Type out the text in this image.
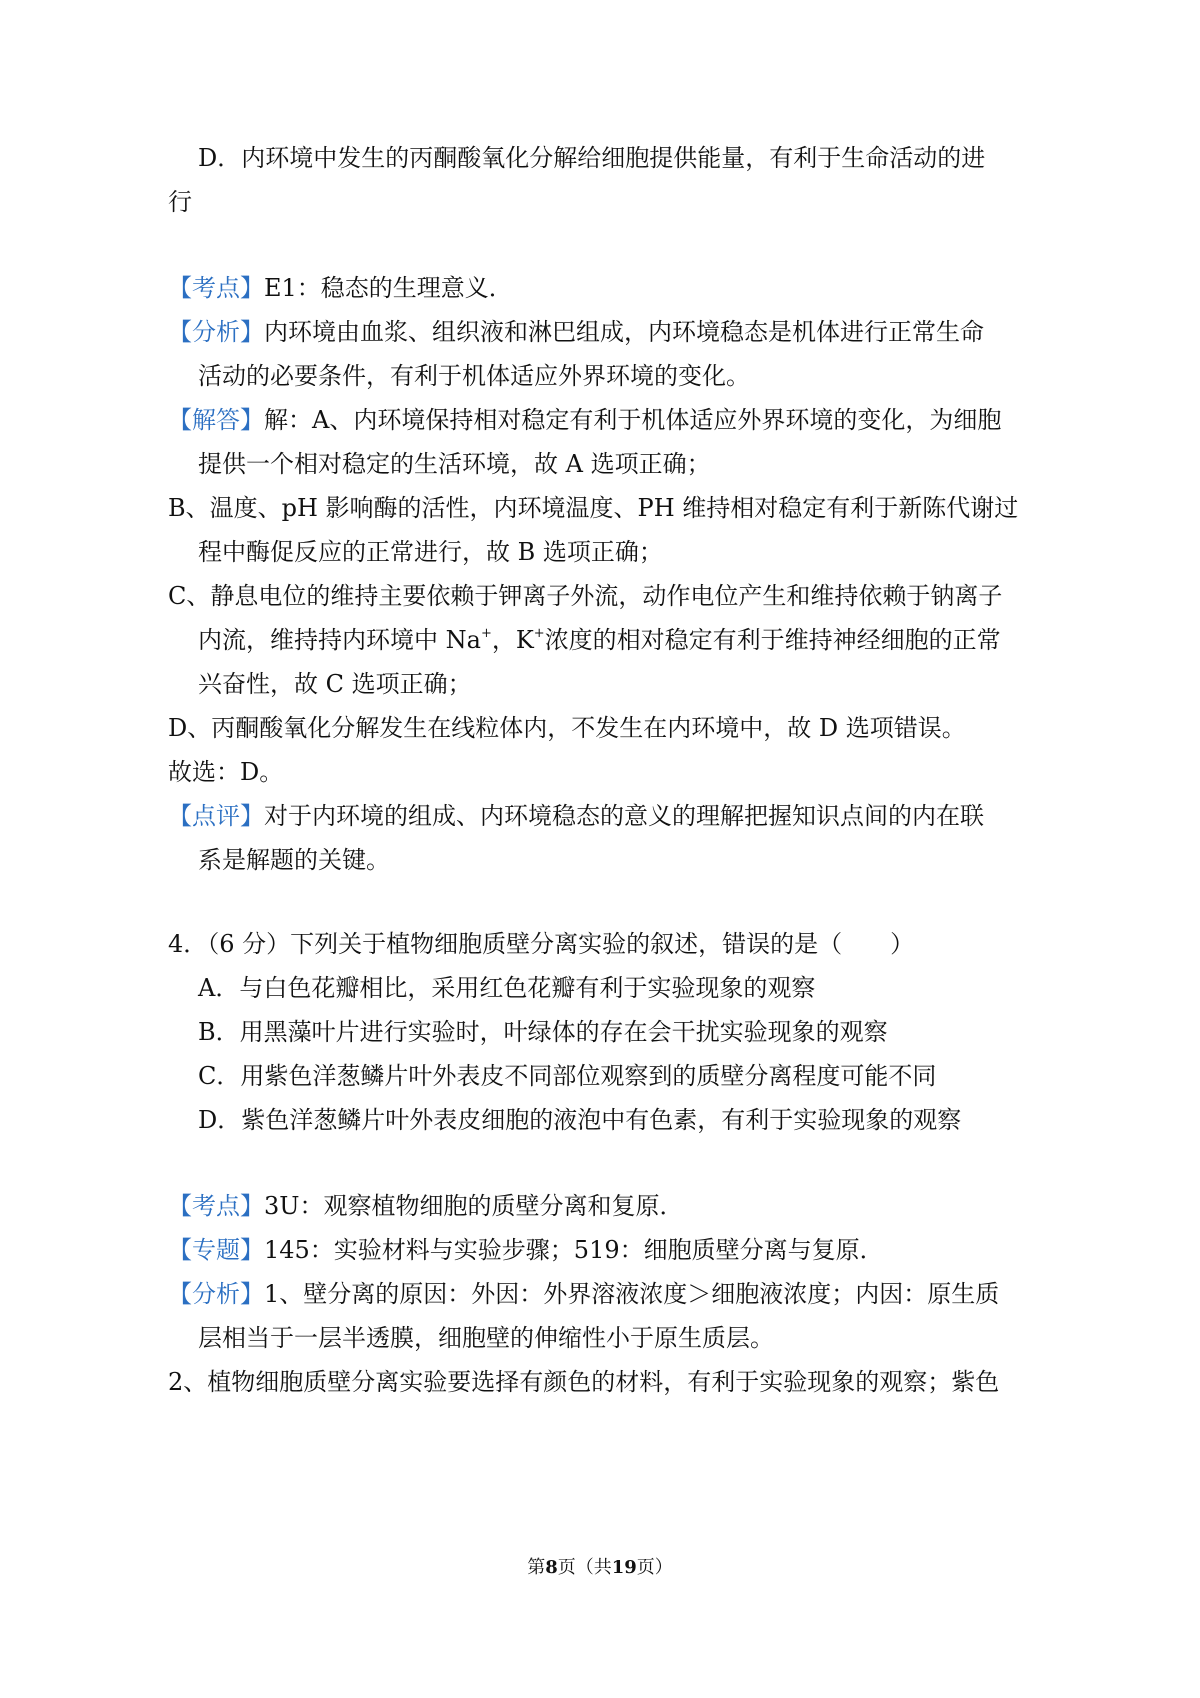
D．内环境中发生的丙酮酸氧化分解给细胞提供能量，有利于生命活动的进
行
【考点】E1：稳态的生理意义．
【分析】内环境由血浆、组织液和淋巴组成，内环境稳态是机体进行正常生命
活动的必要条件，有利于机体适应外界环境的变化。
【解答】解：A、内环境保持相对稳定有利于机体适应外界环境的变化，为细胞
提供一个相对稳定的生活环境，故 A 选项正确；
B、温度、pH 影响酶的活性，内环境温度、PH 维持相对稳定有利于新陈代谢过
程中酶促反应的正常进行，故 B 选项正确；
C、静息电位的维持主要依赖于钾离子外流，动作电位产生和维持依赖于钠离子
内流，维持持内环境中 Na+，K+浓度的相对稳定有利于维持神经细胞的正常
兴奋性，故 C 选项正确；
D、丙酮酸氧化分解发生在线粒体内，不发生在内环境中，故 D 选项错误。
故选：D。
【点评】对于内环境的组成、内环境稳态的意义的理解把握知识点间的内在联
系是解题的关键。
4．（6 分）下列关于植物细胞质壁分离实验的叙述，错误的是（　　）
A．与白色花瓣相比，采用红色花瓣有利于实验现象的观察
B．用黑藻叶片进行实验时，叶绿体的存在会干扰实验现象的观察
C．用紫色洋葱鳞片叶外表皮不同部位观察到的质壁分离程度可能不同
D．紫色洋葱鳞片叶外表皮细胞的液泡中有色素，有利于实验现象的观察
【考点】3U：观察植物细胞的质壁分离和复原．
【专题】145：实验材料与实验步骤；519：细胞质壁分离与复原．
【分析】1、壁分离的原因：外因：外界溶液浓度＞细胞液浓度；内因：原生质
层相当于一层半透膜，细胞壁的伸缩性小于原生质层。
2、植物细胞质壁分离实验要选择有颜色的材料，有利于实验现象的观察；紫色
第8页（共19页）
